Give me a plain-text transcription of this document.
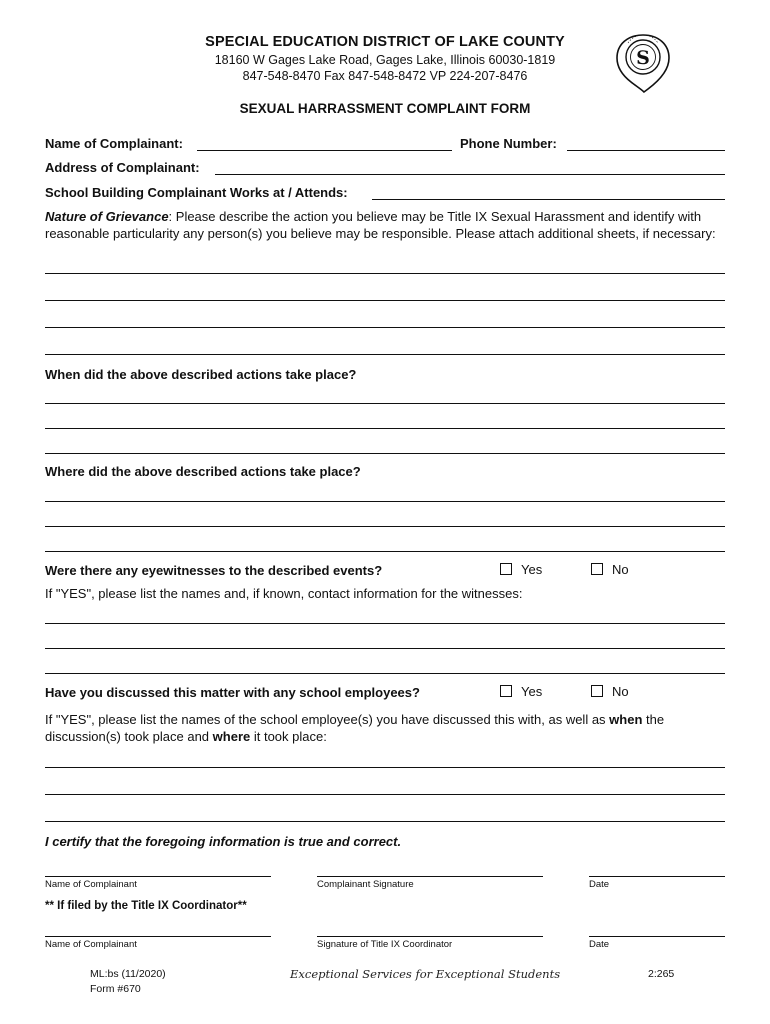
SPECIAL EDUCATION DISTRICT OF LAKE COUNTY
18160 W Gages Lake Road, Gages Lake, Illinois 60030-1819
847-548-8470 Fax 847-548-8472 VP 224-207-8476
S
SEXUAL HARRASSMENT COMPLAINT FORM
Name of Complainant:	Phone Number:
Address of Complainant:
School Building Complainant Works at / Attends:
Nature of Grievance: Please describe the action you believe may be Title IX Sexual Harassment and identify with reasonable particularity any person(s) you believe may be responsible. Please attach additional sheets, if necessary:
When did the above described actions take place?
Where did the above described actions take place?
Were there any eyewitnesses to the described events?	Yes	No
If "YES", please list the names and, if known, contact information for the witnesses:
Have you discussed this matter with any school employees?	Yes	No
If "YES", please list the names of the school employee(s) you have discussed this with, as well as when the discussion(s) took place and where it took place:
I certify that the foregoing information is true and correct.
Name of Complainant	Complainant Signature	Date
** If filed by the Title IX Coordinator**
Name of Complainant	Signature of Title IX Coordinator	Date
ML:bs (11/2020)
Form #670
Exceptional Services for Exceptional Students	2:265
